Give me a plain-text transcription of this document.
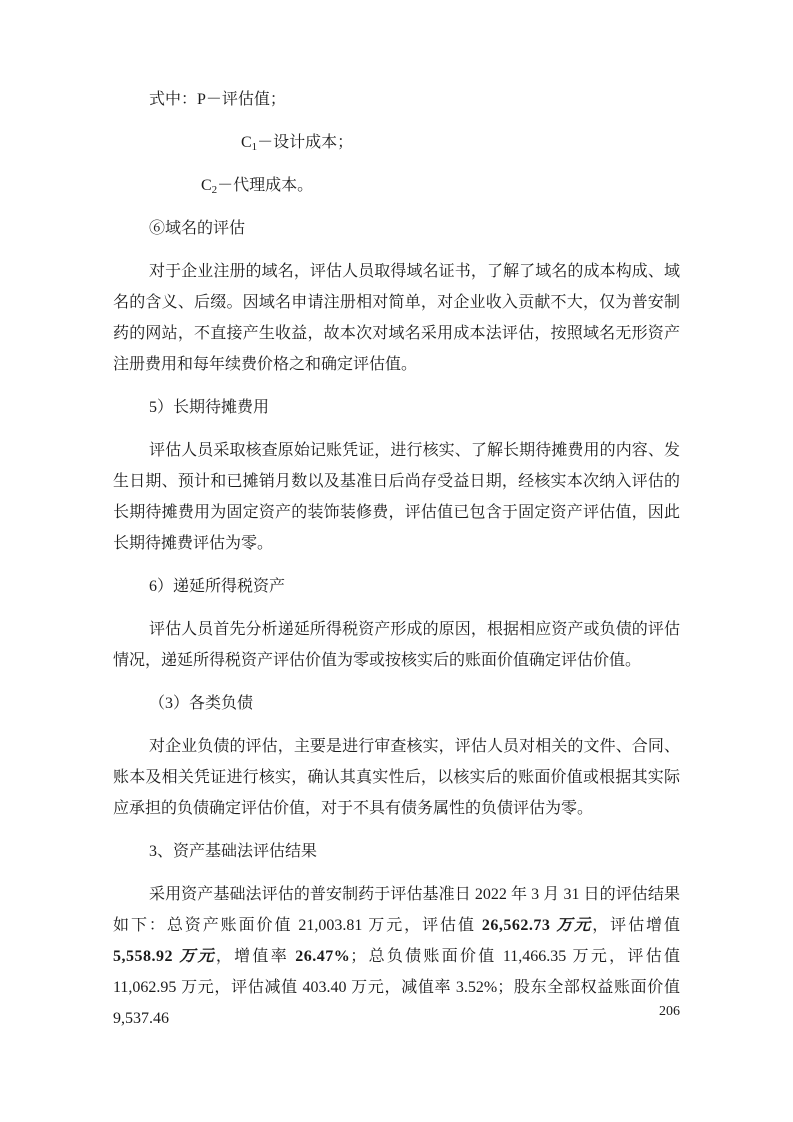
式中：P－评估值；

$C_1-$设计成本；

$C_2-$代理成本。

⑥域名的评估

对于企业注册的域名，评估人员取得域名证书，了解了域名的成本构成、域名的含义、后缀。因域名申请注册相对简单，对企业收入贡献不大，仅为普安制药的网站，不直接产生收益，故本次对域名采用成本法评估，按照域名无形资产注册费用和每年续费价格之和确定评估值。

5）长期待摊费用

评估人员采取核查原始记账凭证，进行核实、了解长期待摊费用的内容、发生日期、预计和已摊销月数以及基准日后尚存受益日期，经核实本次纳入评估的长期待摊费用为固定资产的装饰装修费，评估值已包含于固定资产评估值，因此长期待摊费评估为零。

6）递延所得税资产

评估人员首先分析递延所得税资产形成的原因，根据相应资产或负债的评估情况，递延所得税资产评估价值为零或按核实后的账面价值确定评估价值。

（3）各类负债

对企业负债的评估，主要是进行审查核实，评估人员对相关的文件、合同、账本及相关凭证进行核实，确认其真实性后，以核实后的账面价值或根据其实际应承担的负债确定评估价值，对于不具有债务属性的负债评估为零。

3、资产基础法评估结果

采用资产基础法评估的普安制药于评估基准日 2022 年 3 月 31 日的评估结果如下：总资产账面价值 21,003.81 万元，评估值 26,562.73 万元，评估增值 5,558.92 万元，增值率 26.47%；总负债账面价值 11,466.35 万元，评估值 11,062.95 万元，评估减值 403.40 万元，减值率 3.52%；股东全部权益账面价值 9,537.46	206
